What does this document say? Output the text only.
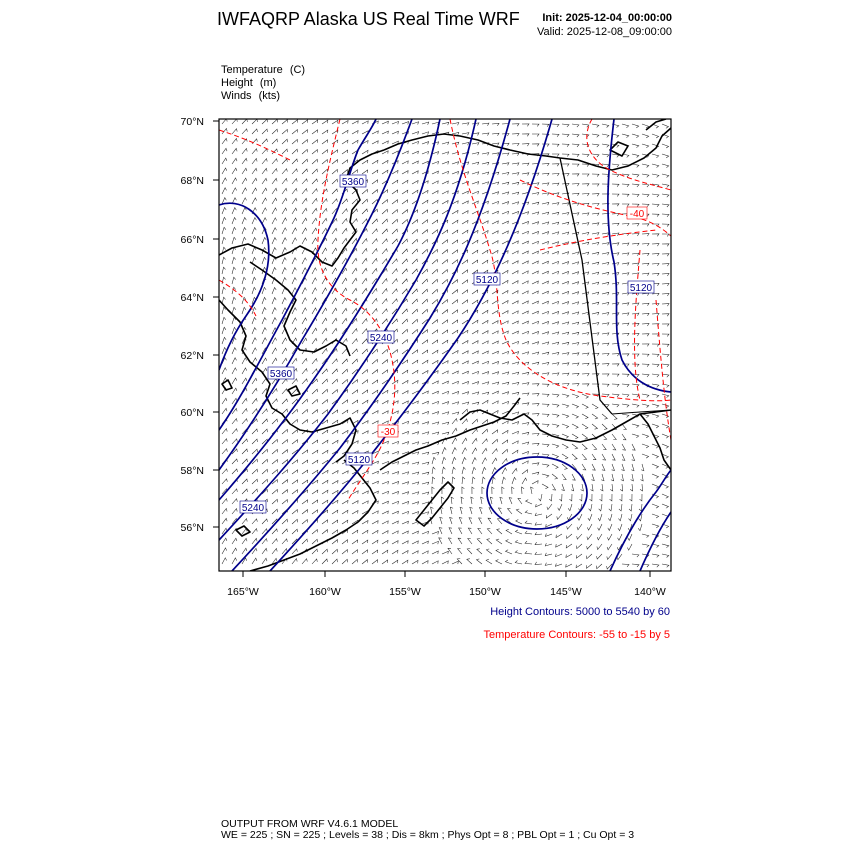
IWFAQRP Alaska US Real Time WRF Init: 2025-12-04_00:00:00
Valid: 2025-12-08_09:00:00
Temperature (C)
Height (m)
Winds (kts)
5360
5120
5120
5240
5360
5120
5240
-40
-30
70°N
68°N
66°N
64°N
62°N
60°N
58°N
56°N
165°W	160°W	155°W	150°W	145°W	140°W
Height Contours: 5000 to 5540 by 60
Temperature Contours: -55 to -15 by 5
OUTPUT FROM WRF V4.6.1 MODEL
WE = 225 ; SN = 225 ; Levels = 38 ; Dis = 8km ; Phys Opt = 8 ; PBL Opt = 1 ; Cu Opt = 3
